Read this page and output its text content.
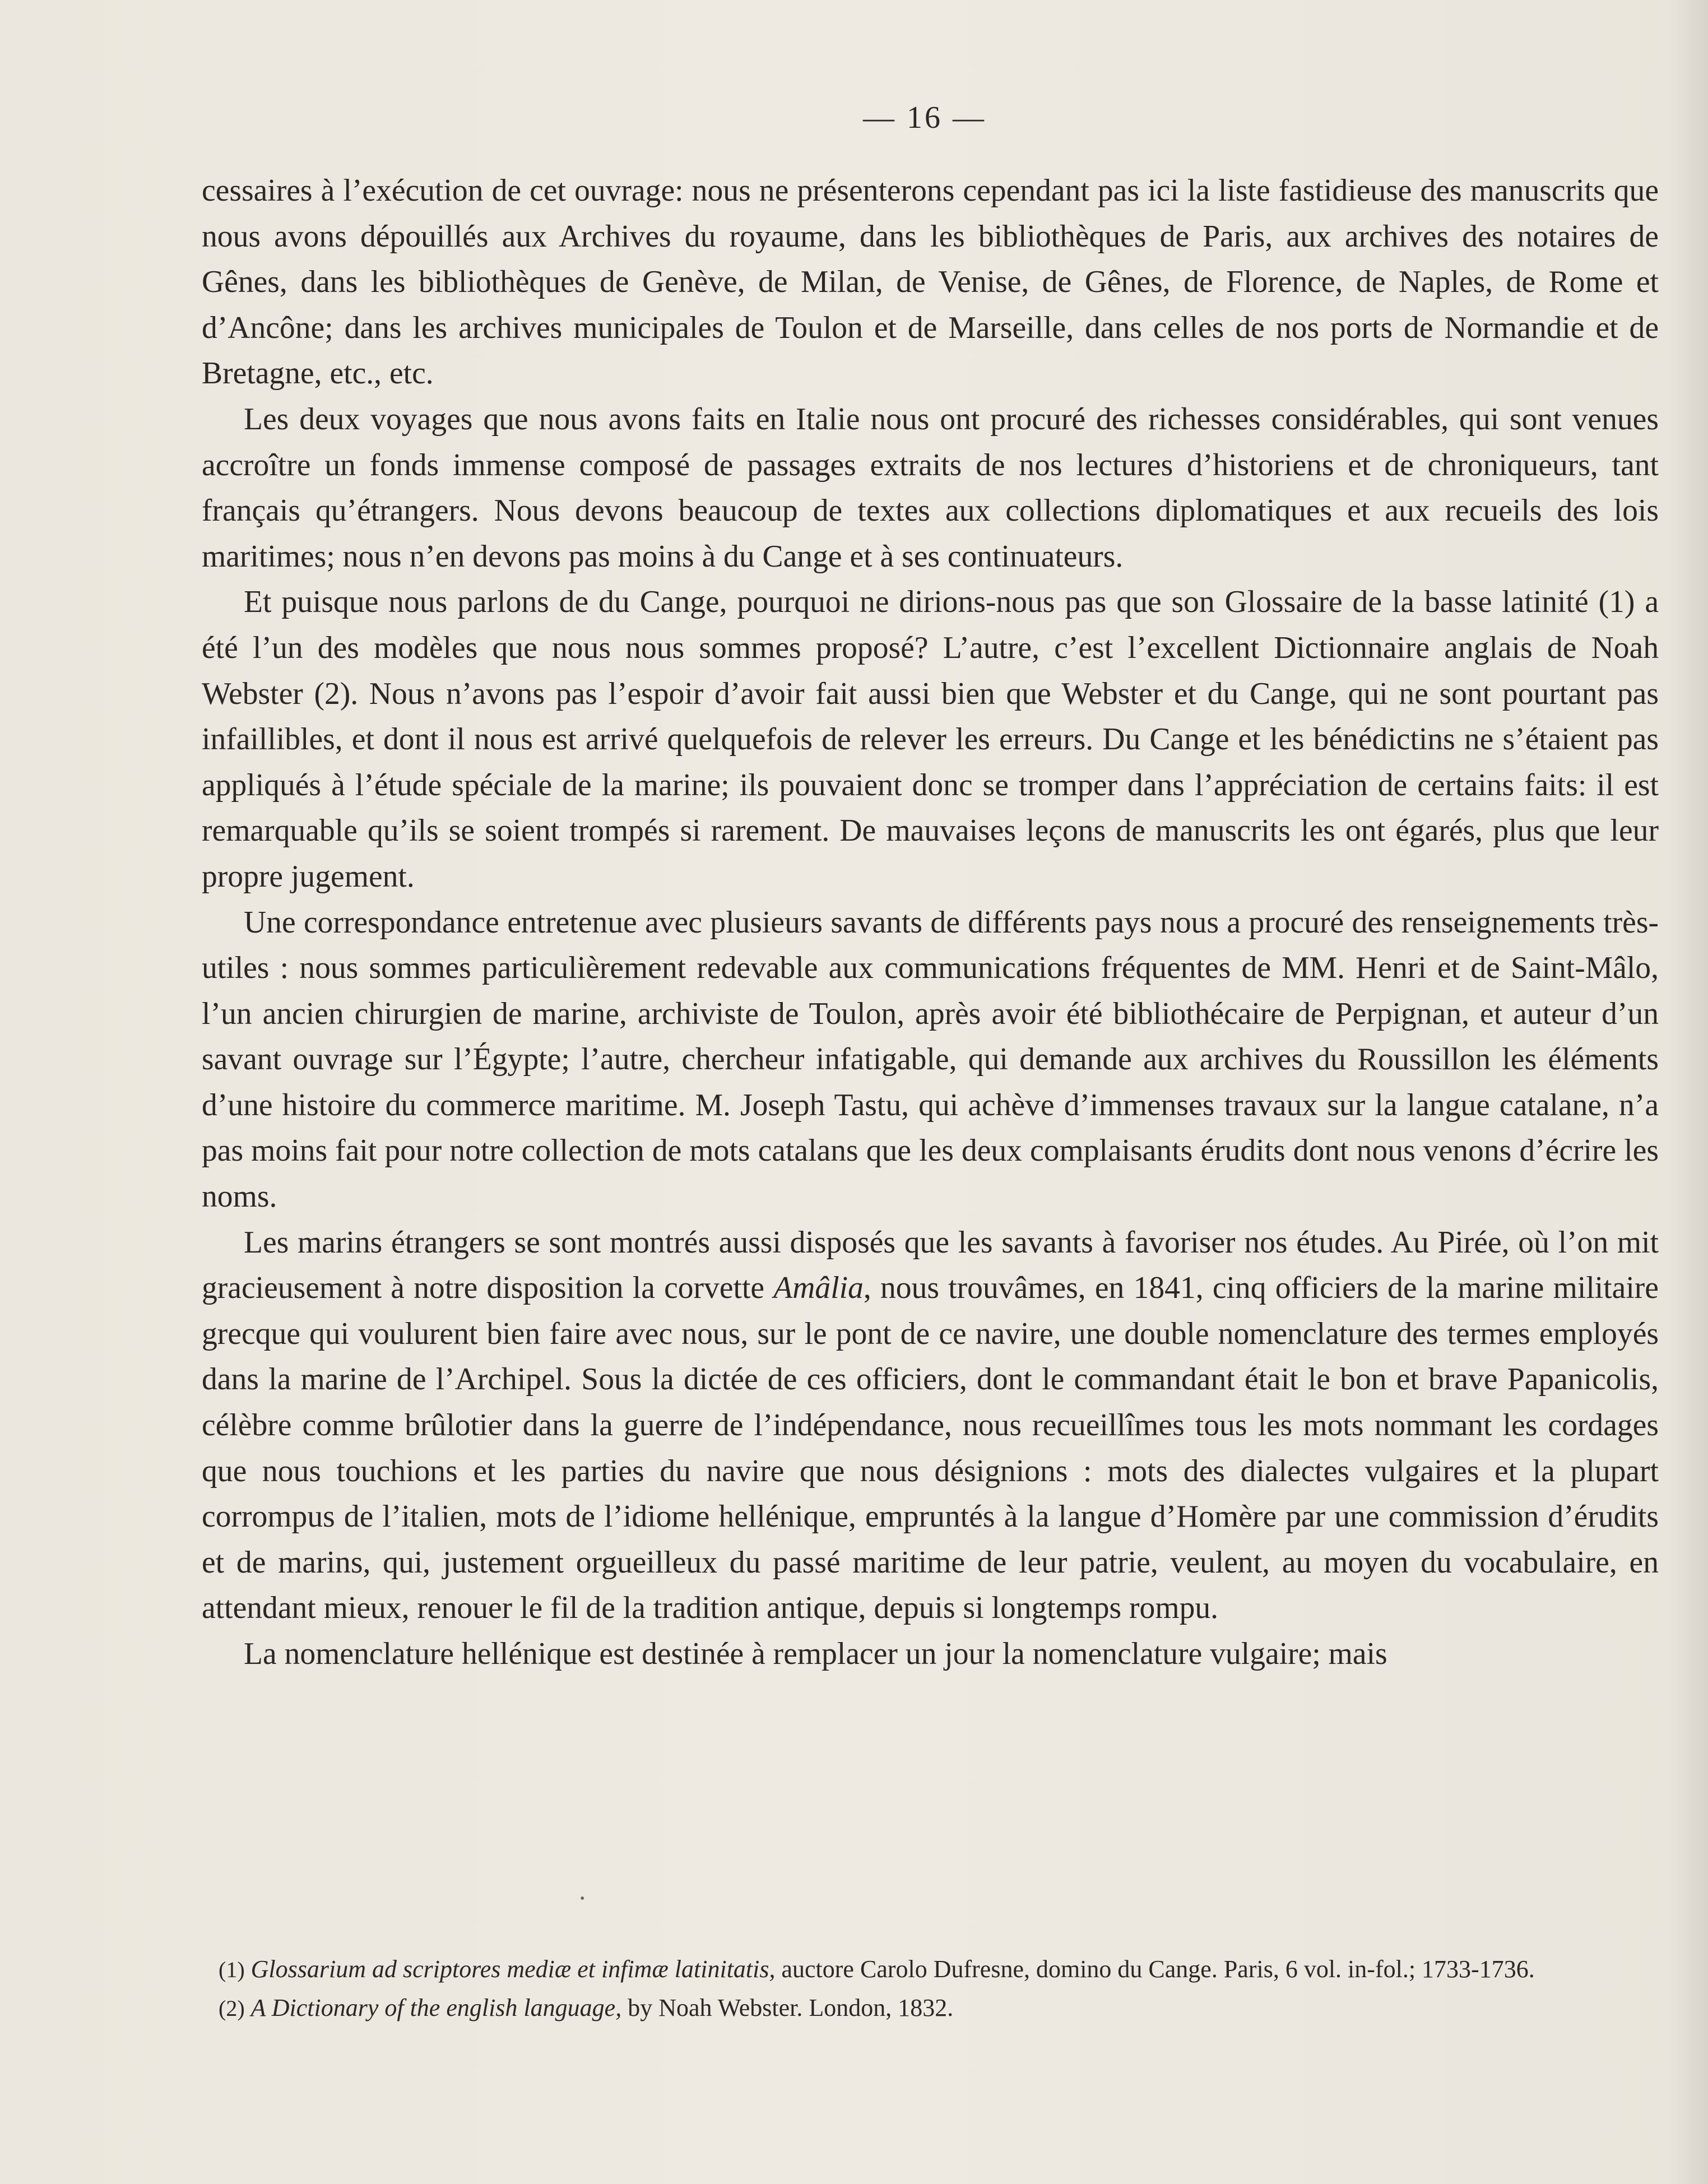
— 16 —

cessaires à l’exécution de cet ouvrage: nous ne présenterons cependant pas ici la liste fastidieuse des manuscrits que nous avons dépouillés aux Archives du royaume, dans les bibliothèques de Paris, aux archives des notaires de Gênes, dans les bibliothèques de Genève, de Milan, de Venise, de Gênes, de Florence, de Naples, de Rome et d’Ancône; dans les archives municipales de Toulon et de Marseille, dans celles de nos ports de Normandie et de Bretagne, etc., etc.

Les deux voyages que nous avons faits en Italie nous ont procuré des richesses considérables, qui sont venues accroître un fonds immense composé de passages extraits de nos lectures d’historiens et de chroniqueurs, tant français qu’étrangers. Nous devons beaucoup de textes aux collections diplomatiques et aux recueils des lois maritimes; nous n’en devons pas moins à du Cange et à ses continuateurs.

Et puisque nous parlons de du Cange, pourquoi ne dirions-nous pas que son Glossaire de la basse latinité (1) a été l’un des modèles que nous nous sommes proposé? L’autre, c’est l’excellent Dictionnaire anglais de Noah Webster (2). Nous n’avons pas l’espoir d’avoir fait aussi bien que Webster et du Cange, qui ne sont pourtant pas infaillibles, et dont il nous est arrivé quelquefois de relever les erreurs. Du Cange et les bénédictins ne s’étaient pas appliqués à l’étude spéciale de la marine; ils pouvaient donc se tromper dans l’appréciation de certains faits: il est remarquable qu’ils se soient trompés si rarement. De mauvaises leçons de manuscrits les ont égarés, plus que leur propre jugement.

Une correspondance entretenue avec plusieurs savants de différents pays nous a procuré des renseignements très-utiles : nous sommes particulièrement redevable aux communications fréquentes de MM. Henri et de Saint-Mâlo, l’un ancien chirurgien de marine, archiviste de Toulon, après avoir été bibliothécaire de Perpignan, et auteur d’un savant ouvrage sur l’Égypte; l’autre, chercheur infatigable, qui demande aux archives du Roussillon les éléments d’une histoire du commerce maritime. M. Joseph Tastu, qui achève d’immenses travaux sur la langue catalane, n’a pas moins fait pour notre collection de mots catalans que les deux complaisants érudits dont nous venons d’écrire les noms.

Les marins étrangers se sont montrés aussi disposés que les savants à favoriser nos études. Au Pirée, où l’on mit gracieusement à notre disposition la corvette Amâlia, nous trouvâmes, en 1841, cinq officiers de la marine militaire grecque qui voulurent bien faire avec nous, sur le pont de ce navire, une double nomenclature des termes employés dans la marine de l’Archipel. Sous la dictée de ces officiers, dont le commandant était le bon et brave Papanicolis, célèbre comme brûlotier dans la guerre de l’indépendance, nous recueillîmes tous les mots nommant les cordages que nous touchions et les parties du navire que nous désignions : mots des dialectes vulgaires et la plupart corrompus de l’italien, mots de l’idiome hellénique, empruntés à la langue d’Homère par une commission d’érudits et de marins, qui, justement orgueilleux du passé maritime de leur patrie, veulent, au moyen du vocabulaire, en attendant mieux, renouer le fil de la tradition antique, depuis si longtemps rompu.

La nomenclature hellénique est destinée à remplacer un jour la nomenclature vulgaire; mais

•

(1) Glossarium ad scriptores mediæ et infimæ latinitatis, auctore Carolo Dufresne, domino du Cange. Paris, 6 vol. in-fol.; 1733-1736.

(2) A Dictionary of the english language, by Noah Webster. London, 1832.
